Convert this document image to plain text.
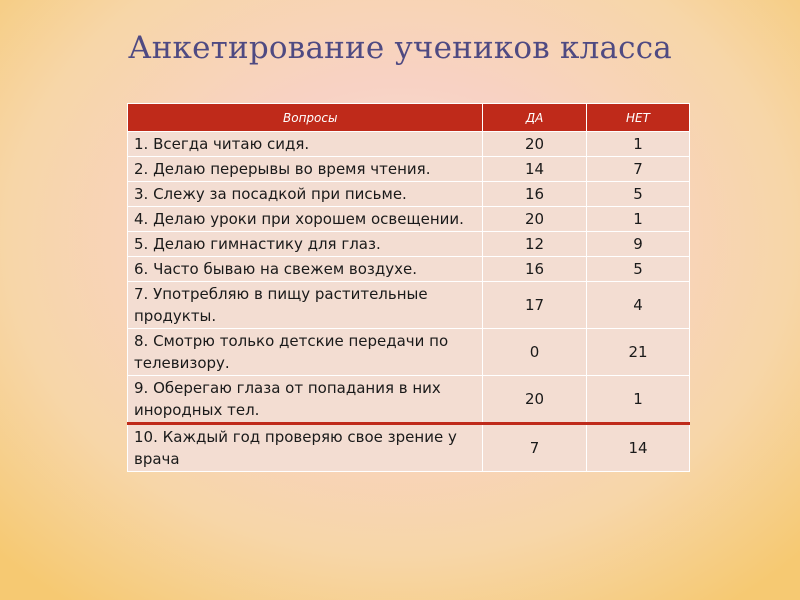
Анкетирование учеников класса
Вопросы	ДА	НЕТ
1. Всегда читаю сидя.	20	1
2. Делаю перерывы во время чтения.	14	7
3. Слежу за посадкой при письме.	16	5
4. Делаю уроки при хорошем освещении.	20	1
5. Делаю гимнастику для глаз.	12	9
6. Часто бываю на свежем воздухе.	16	5
7. Употребляю в пищу растительные продукты.	17	4
8. Смотрю только детские передачи по телевизору.	0	21
9. Оберегаю глаза от попадания в них инородных тел.	20	1
10. Каждый год проверяю свое зрение у врача	7	14
